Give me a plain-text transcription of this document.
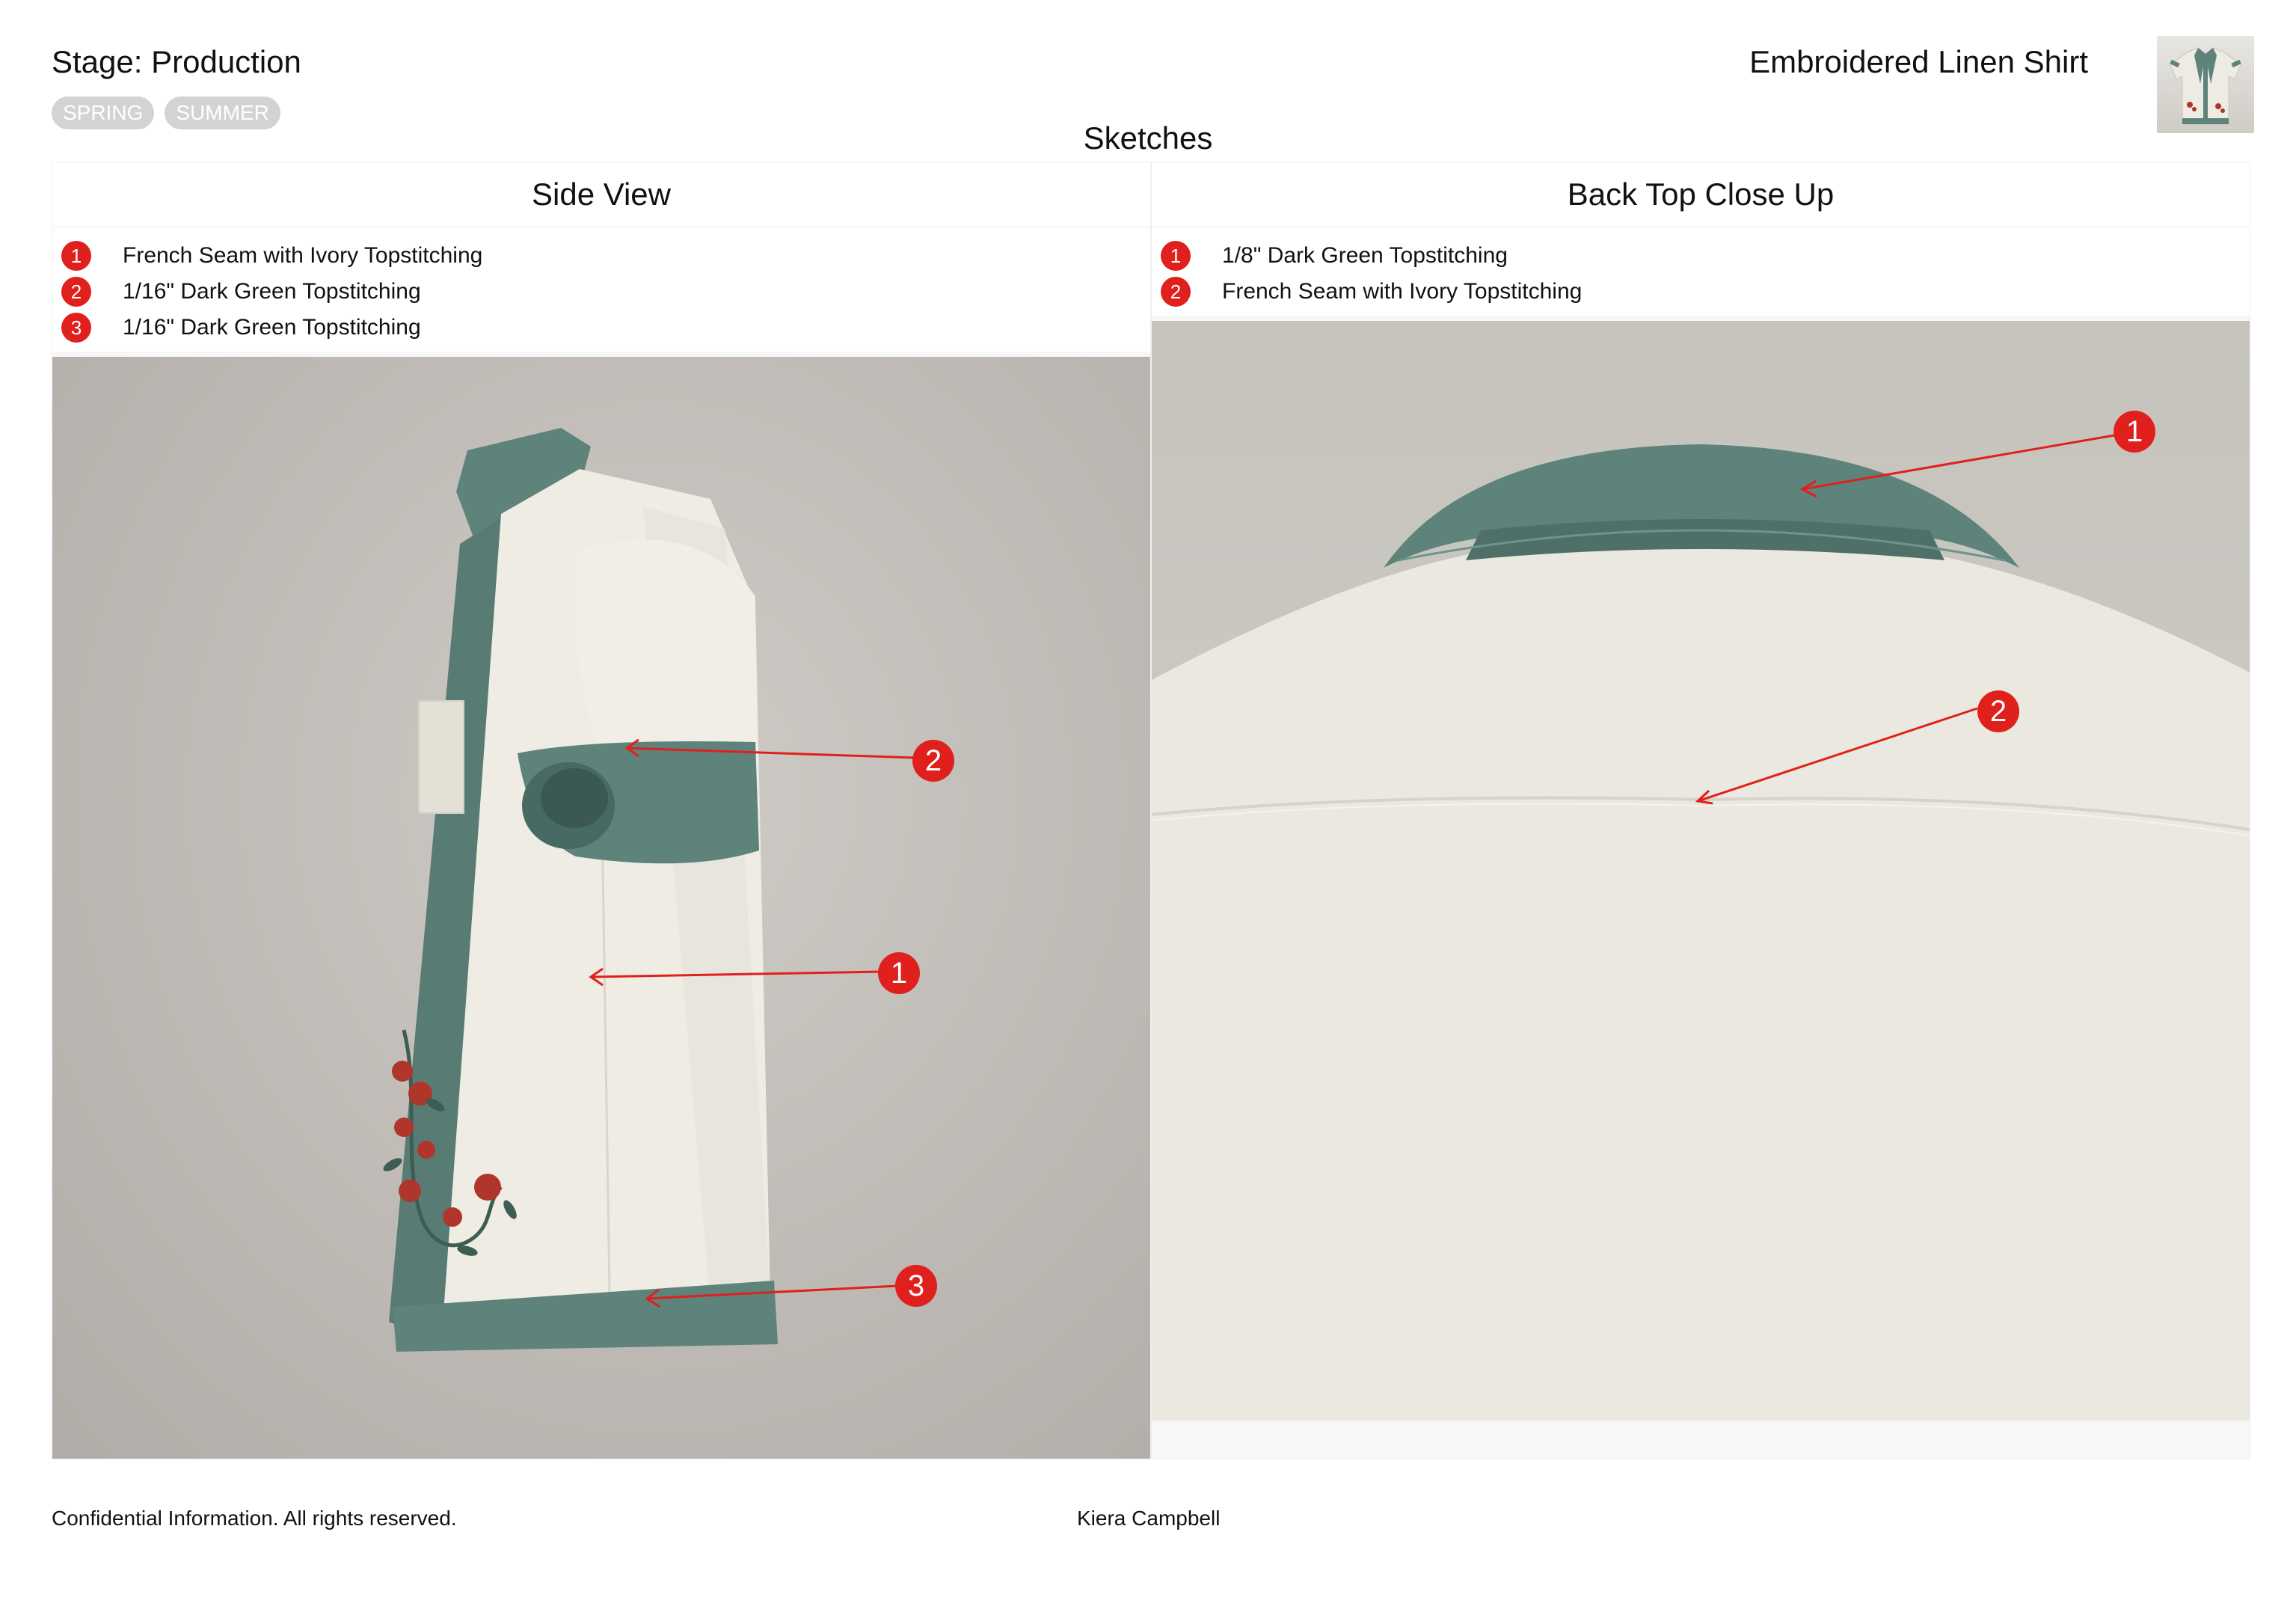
Stage: Production
SPRING	SUMMER
Embroidered Linen Shirt
Sketches
Side View
1	French Seam with Ivory Topstitching
2	1/16" Dark Green Topstitching
3	1/16" Dark Green Topstitching
2
1
3
Back Top Close Up
1	1/8" Dark Green Topstitching
2	French Seam with Ivory Topstitching
1
2
Confidential Information. All rights reserved.	Kiera Campbell
